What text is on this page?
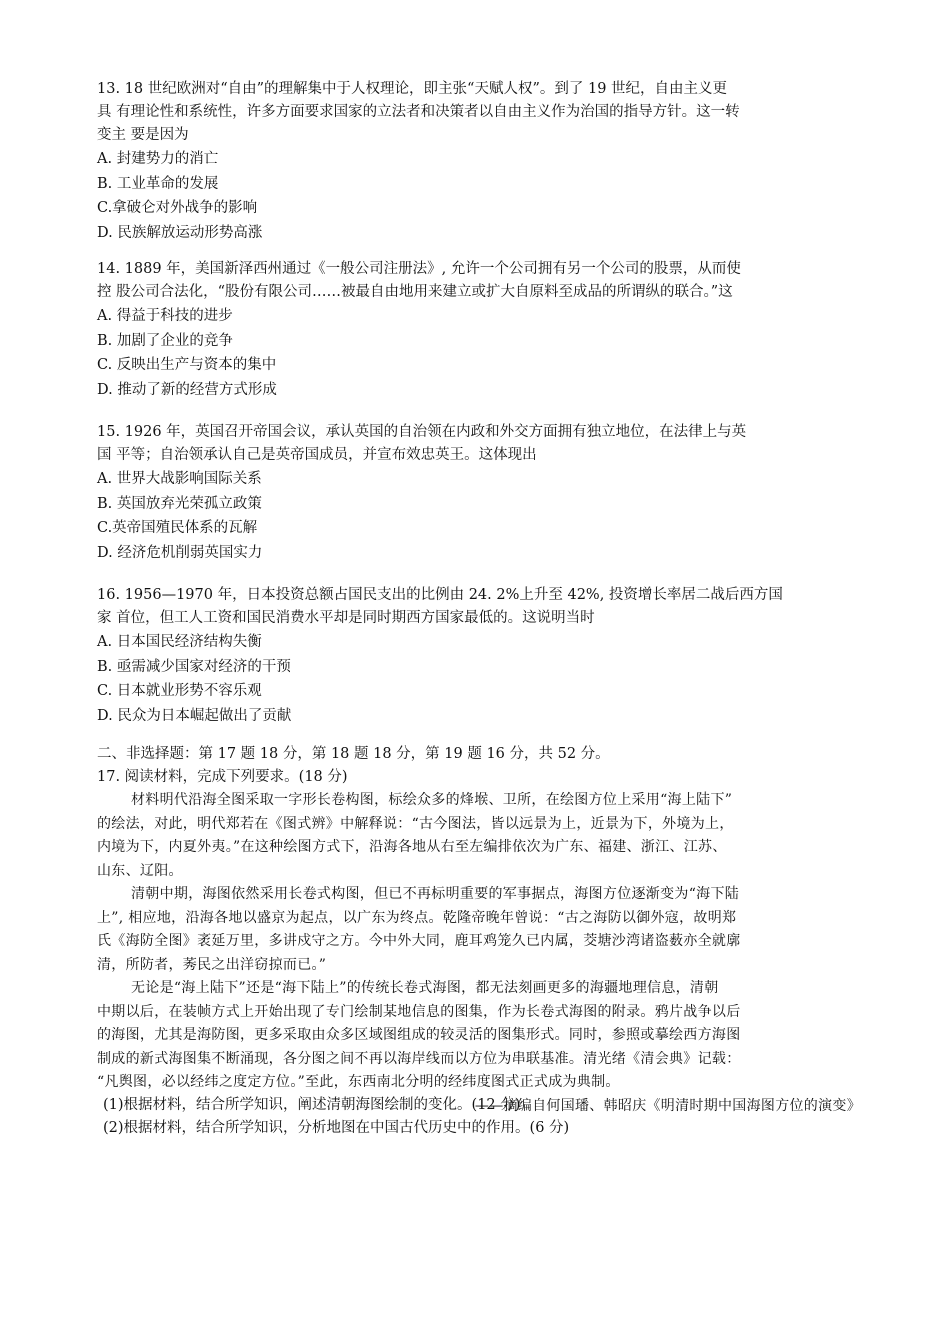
13. 18 世纪欧洲对“自由”的理解集中于人权理论，即主张“天赋人权”。到了 19 世纪，自由主义更
具 有理论性和系统性，许多方面要求国家的立法者和决策者以自由主义作为治国的指导方针。这一转
变主 要是因为
A. 封建势力的消亡
B. 工业革命的发展
C.拿破仑对外战争的影响
D. 民族解放运动形势高涨
14. 1889 年，美国新泽西州通过《一般公司注册法》, 允许一个公司拥有另一个公司的股票，从而使
控 股公司合法化，“股份有限公司……被最自由地用来建立或扩大自原料至成品的所谓纵的联合。”这
A. 得益于科技的进步
B. 加剧了企业的竞争
C. 反映出生产与资本的集中
D. 推动了新的经营方式形成
15. 1926 年，英国召开帝国会议，承认英国的自治领在内政和外交方面拥有独立地位，在法律上与英
国 平等；自治领承认自己是英帝国成员，并宣布效忠英王。这体现出
A. 世界大战影响国际关系
B. 英国放弃光荣孤立政策
C.英帝国殖民体系的瓦解
D. 经济危机削弱英国实力
16. 1956—1970 年，日本投资总额占国民支出的比例由 24. 2%上升至 42%, 投资增长率居二战后西方国
家 首位，但工人工资和国民消费水平却是同时期西方国家最低的。这说明当时
A. 日本国民经济结构失衡
B. 亟需减少国家对经济的干预
C. 日本就业形势不容乐观
D. 民众为日本崛起做出了贡献
二、非选择题：第 17 题 18 分，第 18 题 18 分，第 19 题 16 分，共 52 分。
17. 阅读材料，完成下列要求。(18 分)
材料明代沿海全图采取一字形长卷构图，标绘众多的烽堠、卫所，在绘图方位上采用“海上陆下”
的绘法，对此，明代郑若在《图式辨》中解释说：“古今图法，皆以远景为上，近景为下，外境为上，
内境为下，内夏外夷。”在这种绘图方式下，沿海各地从右至左编排依次为广东、福建、浙江、江苏、
山东、辽阳。
清朝中期，海图依然采用长卷式构图，但已不再标明重要的军事据点，海图方位逐渐变为“海下陆
上”, 相应地，沿海各地以盛京为起点，以广东为终点。乾隆帝晚年曾说：“古之海防以御外寇，故明郑
氏《海防全图》袤延万里，多讲戍守之方。今中外大同，鹿耳鸡笼久已内属，茭塘沙湾诸盗薮亦全就廓
清，所防者，莠民之出洋窃掠而已。”
无论是“海上陆下”还是“海下陆上”的传统长卷式海图，都无法刻画更多的海疆地理信息，清朝
中期以后，在装帧方式上开始出现了专门绘制某地信息的图集，作为长卷式海图的附录。鸦片战争以后
的海图，尤其是海防图，更多采取由众多区域图组成的较灵活的图集形式。同时，参照或摹绘西方海图
制成的新式海图集不断涌现，各分图之间不再以海岸线而以方位为串联基准。清光绪《清会典》记载：
“凡舆图，必以经纬之度定方位。”至此，东西南北分明的经纬度图式正式成为典制。
——摘编自何国璠、韩昭庆《明清时期中国海图方位的演变》
(1)根据材料，结合所学知识，阐述清朝海图绘制的变化。(12 分)
(2)根据材料，结合所学知识，分析地图在中国古代历史中的作用。(6 分)
